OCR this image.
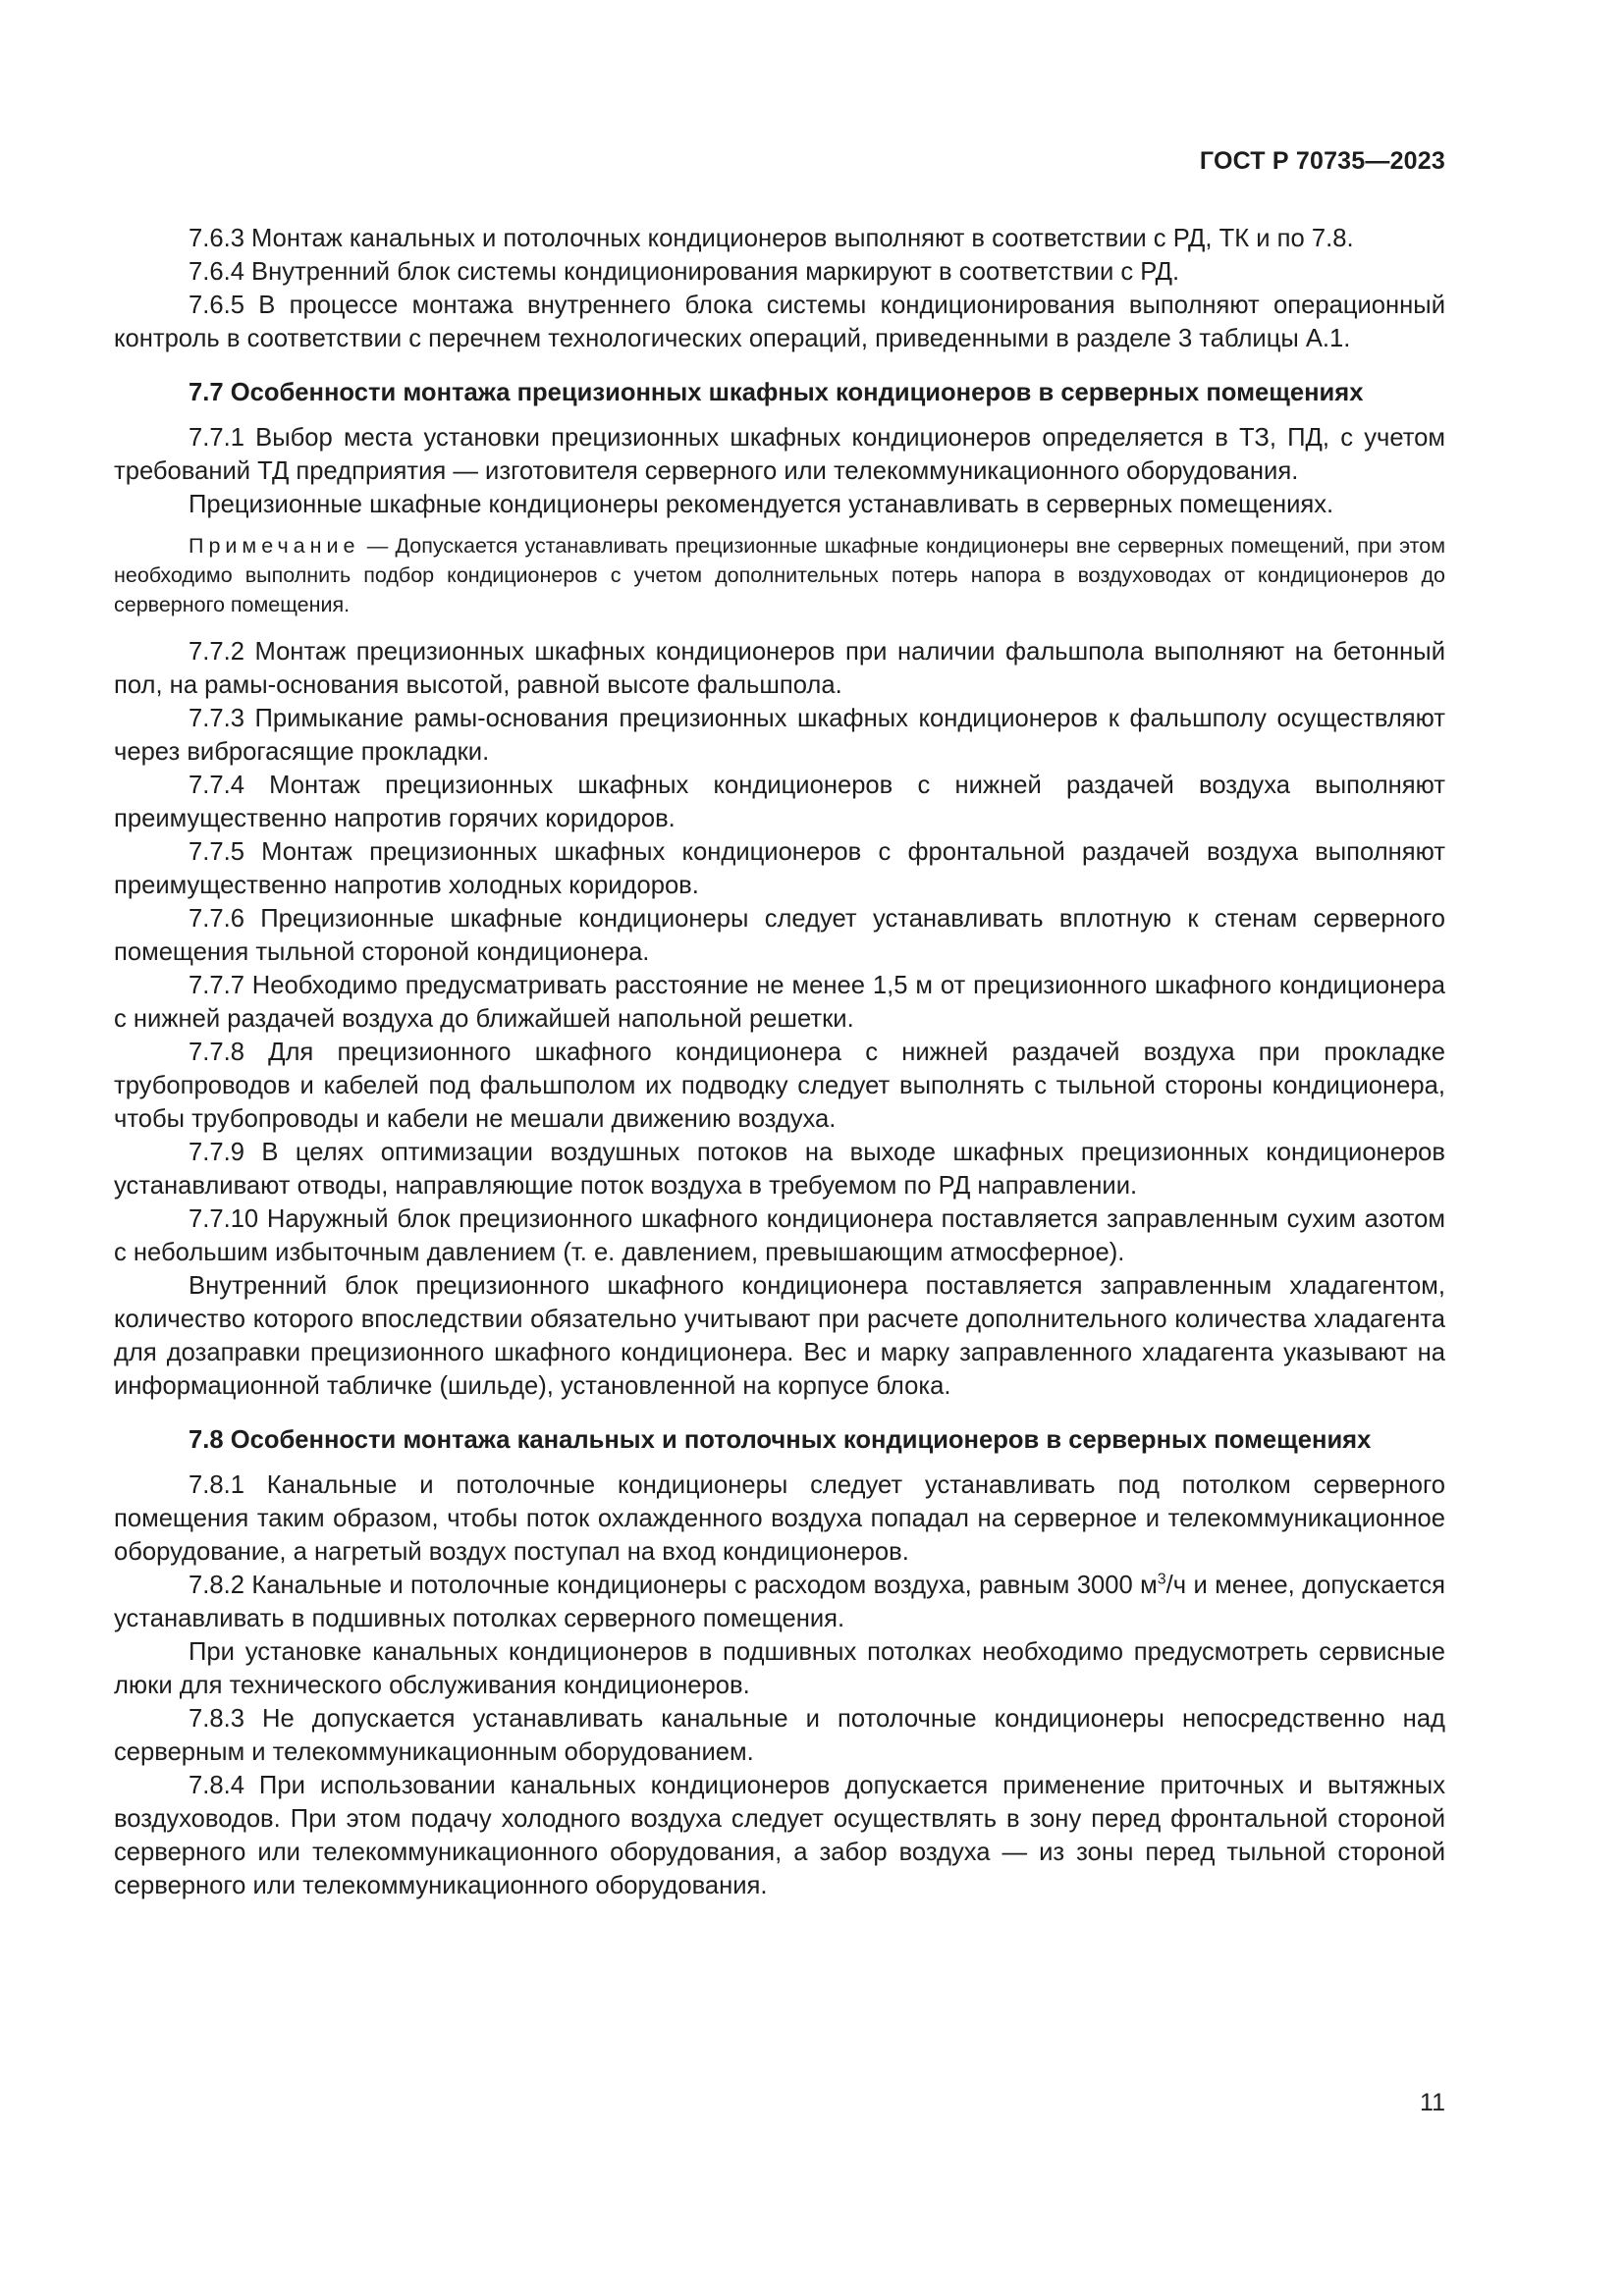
ГОСТ Р 70735—2023

7.6.3 Монтаж канальных и потолочных кондиционеров выполняют в соответствии с РД, ТК и по 7.8.

7.6.4 Внутренний блок системы кондиционирования маркируют в соответствии с РД.

7.6.5 В процессе монтажа внутреннего блока системы кондиционирования выполняют операционный контроль в соответствии с перечнем технологических операций, приведенными в разделе 3 таблицы А.1.

7.7 Особенности монтажа прецизионных шкафных кондиционеров в серверных помещениях

7.7.1 Выбор места установки прецизионных шкафных кондиционеров определяется в ТЗ, ПД, с учетом требований ТД предприятия — изготовителя серверного или телекоммуникационного оборудования.

Прецизионные шкафные кондиционеры рекомендуется устанавливать в серверных помещениях.

Примечание — Допускается устанавливать прецизионные шкафные кондиционеры вне серверных помещений, при этом необходимо выполнить подбор кондиционеров с учетом дополнительных потерь напора в воздуховодах от кондиционеров до серверного помещения.

7.7.2 Монтаж прецизионных шкафных кондиционеров при наличии фальшпола выполняют на бетонный пол, на рамы-основания высотой, равной высоте фальшпола.

7.7.3 Примыкание рамы-основания прецизионных шкафных кондиционеров к фальшполу осуществляют через виброгасящие прокладки.

7.7.4 Монтаж прецизионных шкафных кондиционеров с нижней раздачей воздуха выполняют преимущественно напротив горячих коридоров.

7.7.5 Монтаж прецизионных шкафных кондиционеров с фронтальной раздачей воздуха выполняют преимущественно напротив холодных коридоров.

7.7.6 Прецизионные шкафные кондиционеры следует устанавливать вплотную к стенам серверного помещения тыльной стороной кондиционера.

7.7.7 Необходимо предусматривать расстояние не менее 1,5 м от прецизионного шкафного кондиционера с нижней раздачей воздуха до ближайшей напольной решетки.

7.7.8 Для прецизионного шкафного кондиционера с нижней раздачей воздуха при прокладке трубопроводов и кабелей под фальшполом их подводку следует выполнять с тыльной стороны кондиционера, чтобы трубопроводы и кабели не мешали движению воздуха.

7.7.9 В целях оптимизации воздушных потоков на выходе шкафных прецизионных кондиционеров устанавливают отводы, направляющие поток воздуха в требуемом по РД направлении.

7.7.10 Наружный блок прецизионного шкафного кондиционера поставляется заправленным сухим азотом с небольшим избыточным давлением (т. е. давлением, превышающим атмосферное).

Внутренний блок прецизионного шкафного кондиционера поставляется заправленным хладагентом, количество которого впоследствии обязательно учитывают при расчете дополнительного количества хладагента для дозаправки прецизионного шкафного кондиционера. Вес и марку заправленного хладагента указывают на информационной табличке (шильде), установленной на корпусе блока.

7.8 Особенности монтажа канальных и потолочных кондиционеров в серверных помещениях

7.8.1 Канальные и потолочные кондиционеры следует устанавливать под потолком серверного помещения таким образом, чтобы поток охлажденного воздуха попадал на серверное и телекоммуникационное оборудование, а нагретый воздух поступал на вход кондиционеров.

7.8.2 Канальные и потолочные кондиционеры с расходом воздуха, равным 3000 $м^3/ч$ и менее, допускается устанавливать в подшивных потолках серверного помещения.

При установке канальных кондиционеров в подшивных потолках необходимо предусмотреть сервисные люки для технического обслуживания кондиционеров.

7.8.3 Не допускается устанавливать канальные и потолочные кондиционеры непосредственно над серверным и телекоммуникационным оборудованием.

7.8.4 При использовании канальных кондиционеров допускается применение приточных и вытяжных воздуховодов. При этом подачу холодного воздуха следует осуществлять в зону перед фронтальной стороной серверного или телекоммуникационного оборудования, а забор воздуха — из зоны перед тыльной стороной серверного или телекоммуникационного оборудования.

11
